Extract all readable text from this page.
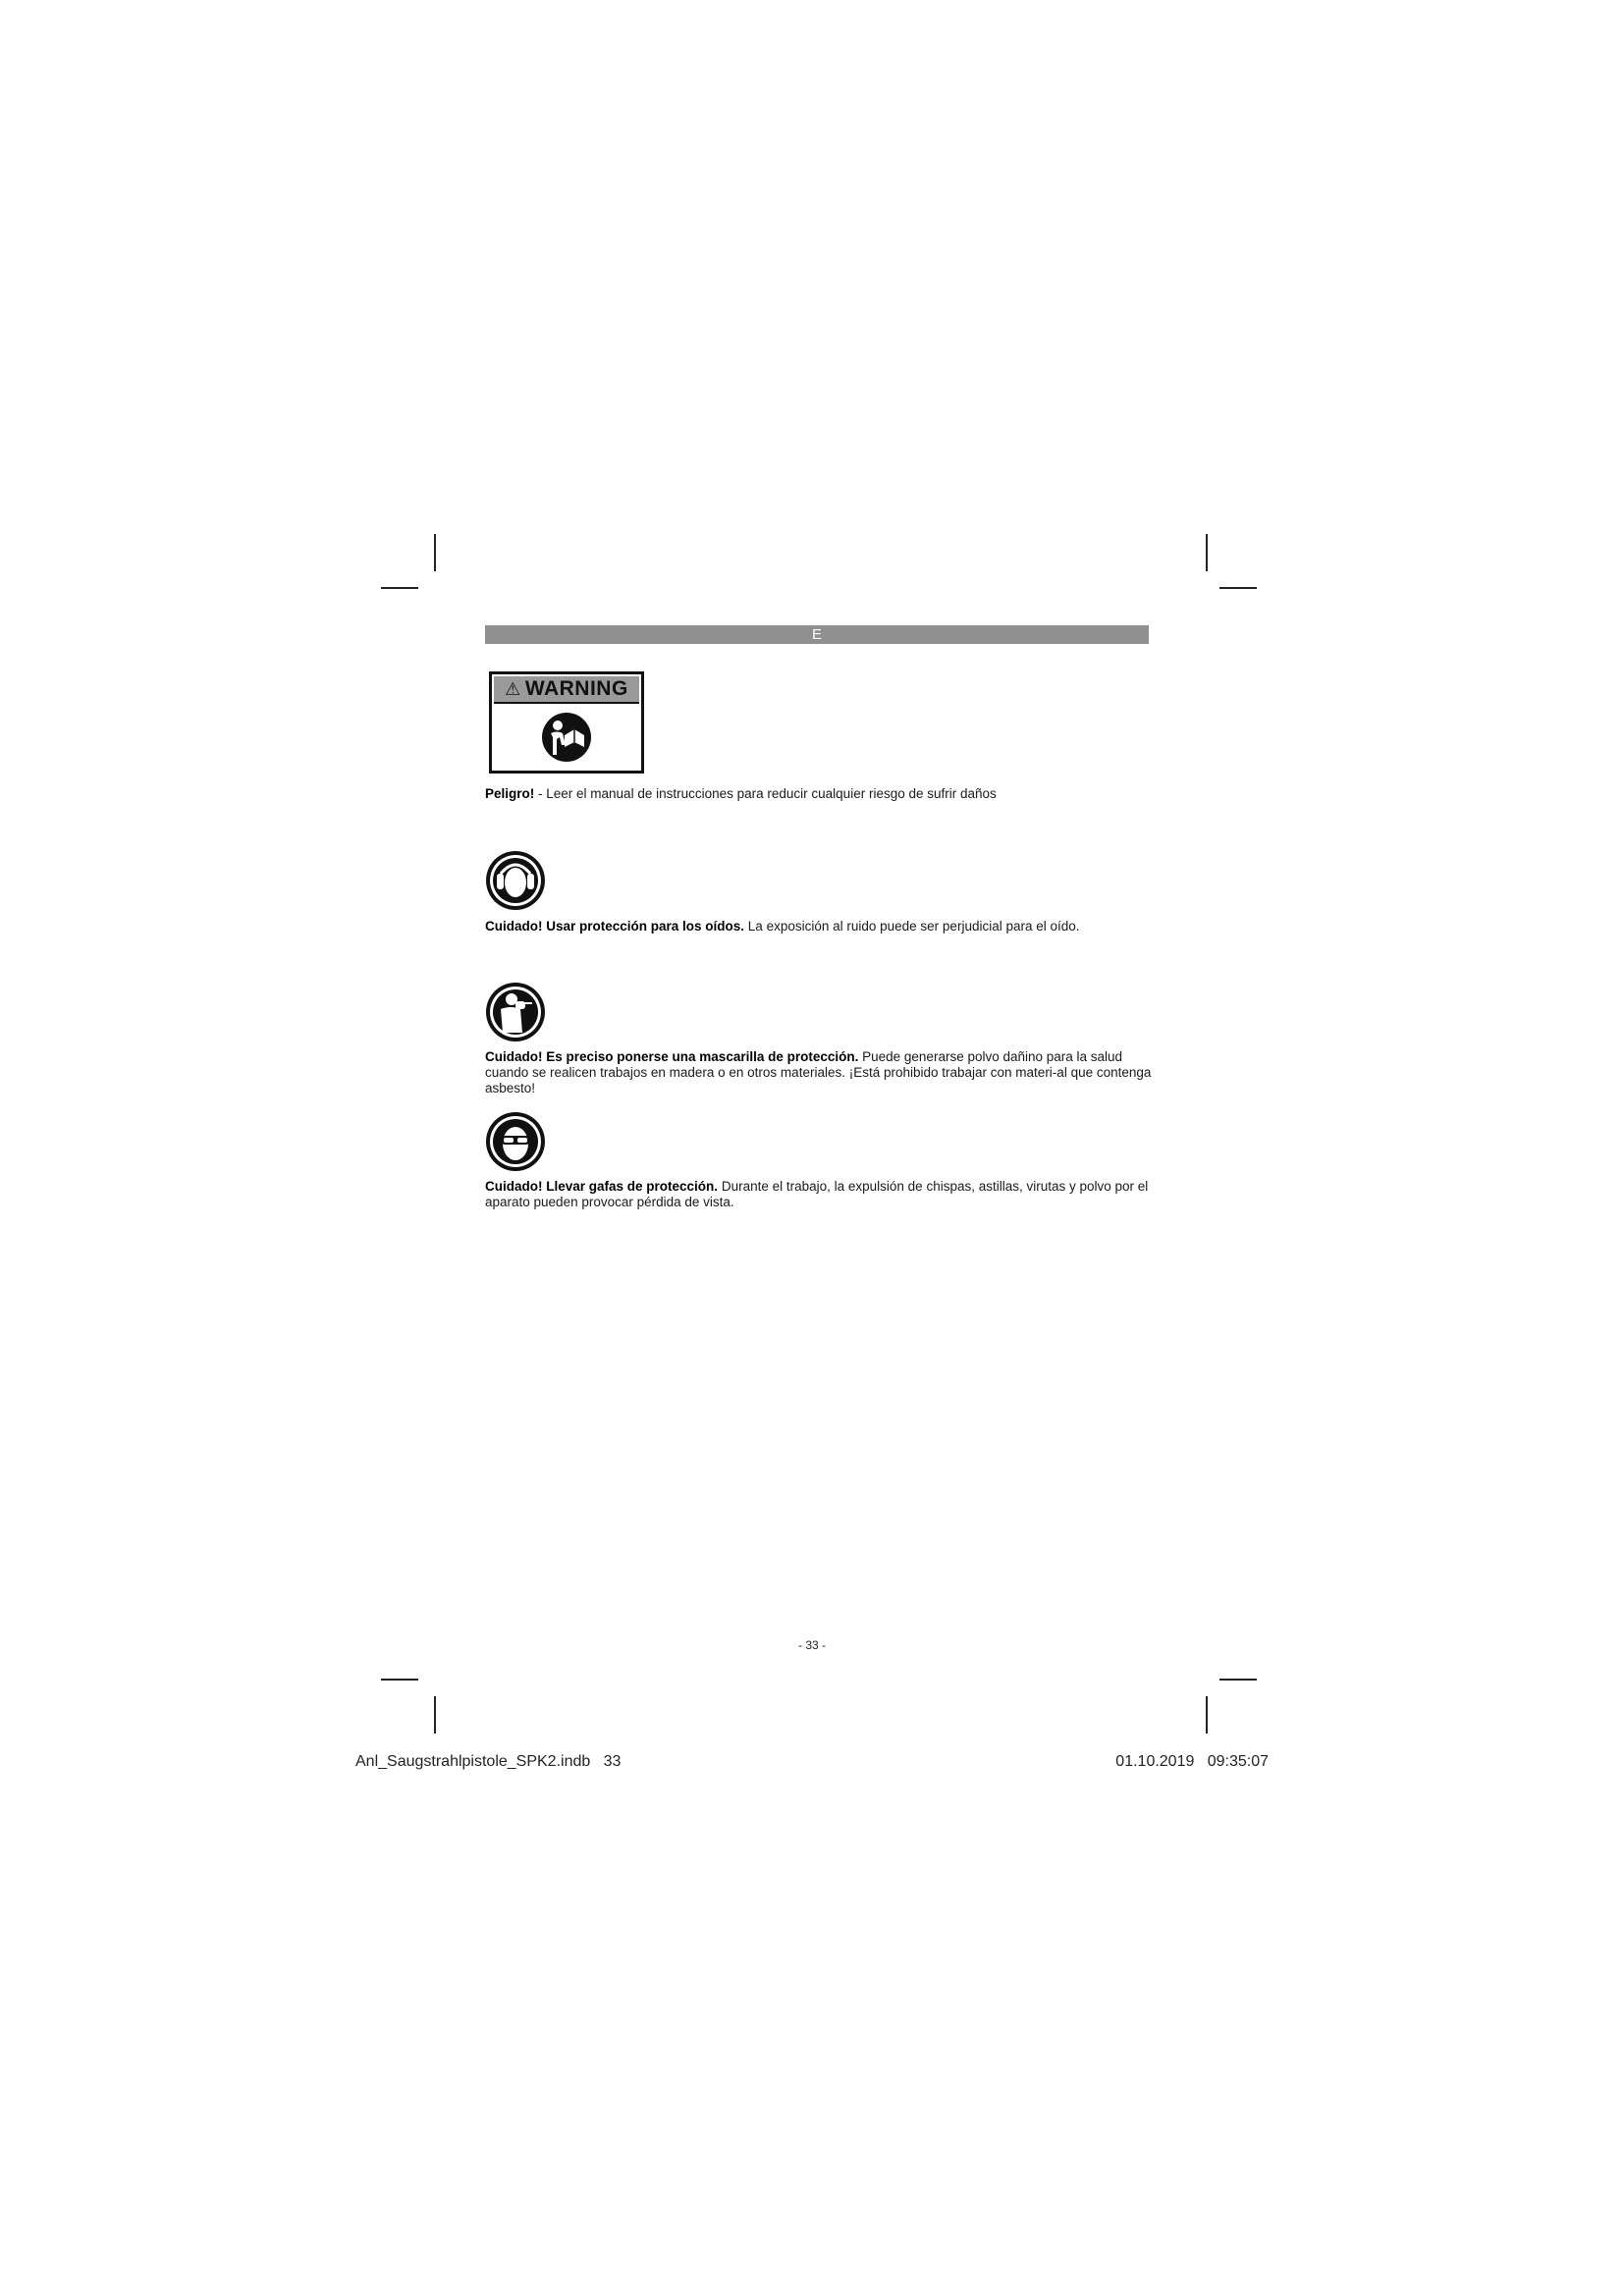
E
⚠ WARNING
Peligro! - Leer el manual de instrucciones para reducir cualquier riesgo de sufrir daños
Cuidado! Usar protección para los oídos. La exposición al ruido puede ser perjudicial para el oído.
Cuidado! Es preciso ponerse una mascarilla de protección. Puede generarse polvo dañino para la salud cuando se realicen trabajos en madera o en otros materiales. ¡Está prohibido trabajar con materi-al que contenga asbesto!
Cuidado! Llevar gafas de protección. Durante el trabajo, la expulsión de chispas, astillas, virutas y polvo por el aparato pueden provocar pérdida de vista.
- 33 -
Anl_Saugstrahlpistole_SPK2.indb   33	01.10.2019   09:35:07
